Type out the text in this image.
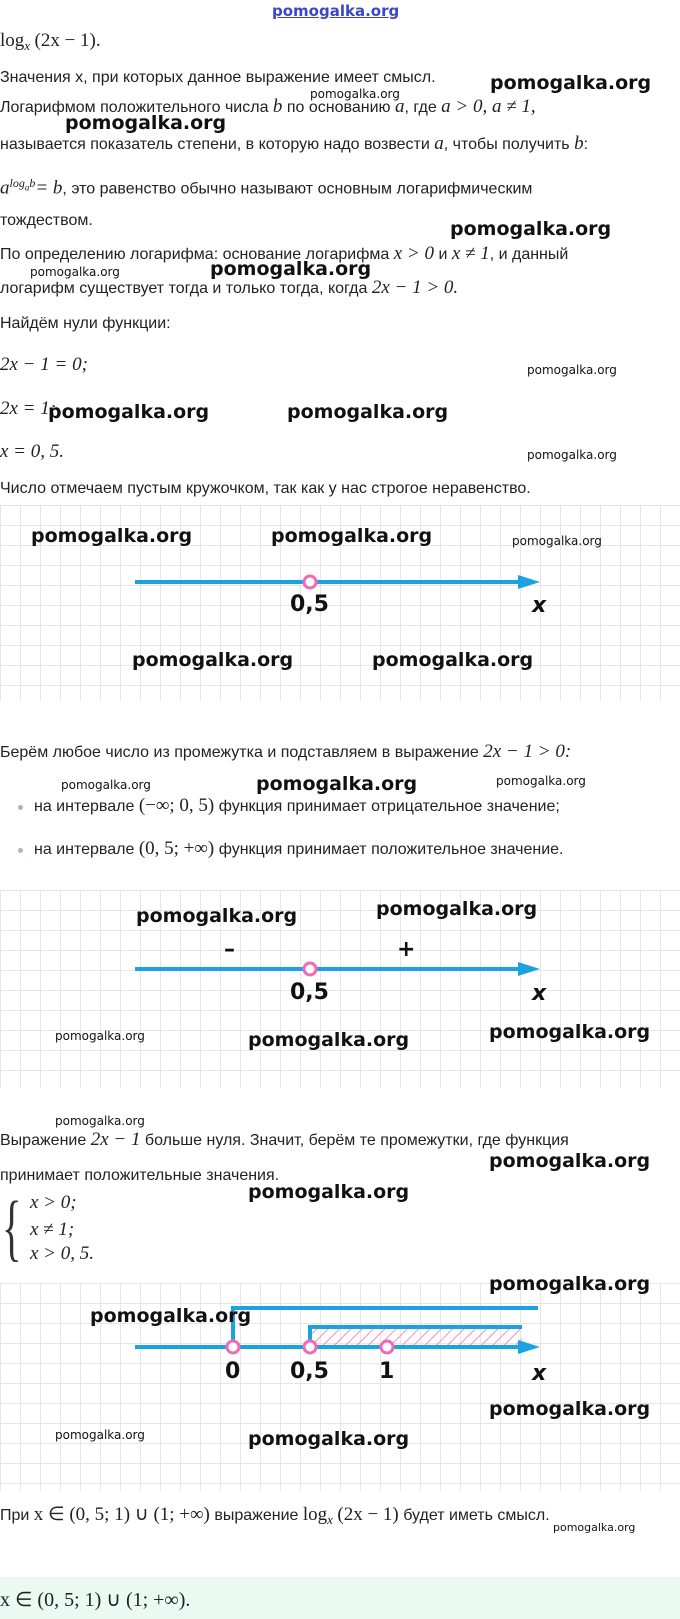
pomogalka.org
$\log_x (2x - 1)$.
Значения x, при которых данное выражение имеет смысл.
Логарифмом положительного числа b по основанию a, где a > 0, a ≠ 1,
называется показатель степени, в которую надо возвести a, чтобы получить b:
$a^{log_ab}= b$, это равенство обычно называют основным логарифмическим
тождеством.
По определению логарифма: основание логарифма x > 0 и x ≠ 1, и данный
логарифм существует тогда и только тогда, когда 2x − 1 > 0.
Найдём нули функции:
2x − 1 = 0;
2x = 1;
x = 0, 5.
Число отмечаем пустым кружочком, так как у нас строгое неравенство.
0,5	x
Берём любое число из промежутка и подставляем в выражение 2x − 1 > 0:
на интервале (−∞; 0, 5) функция принимает отрицательное значение;
на интервале (0, 5; +∞) функция принимает положительное значение.
–	+
0,5	x
Выражение 2x − 1 больше нуля. Значит, берём те промежутки, где функция
принимает положительные значения.
{ x > 0;
x ≠ 1;
x > 0, 5.
0 0,5 1	x
При x ∈ (0, 5; 1) ∪ (1; +∞) выражение $\log_x (2x - 1)$ будет иметь смысл.
x ∈ (0, 5; 1) ∪ (1; +∞).
pomogalka.org
pomogalka.org
pomogalka.org
pomogalka.org
pomogalka.org	pomogalka.org
pomogalka.org
pomogalka.org	pomogalka.org
pomogalka.org
pomogalka.org	pomogalka.org	pomogalka.org
pomogalka.org	pomogalka.org
pomogalka.org	pomogalka.org	pomogalka.org
pomogalka.org	pomogalka.org
pomogalka.org	pomogalka.org	pomogalka.org
pomogalka.org
pomogalka.org
pomogalka.org
pomogalka.org
pomogalka.org
pomogalka.org
pomogalka.org	pomogalka.org
pomogalka.org
